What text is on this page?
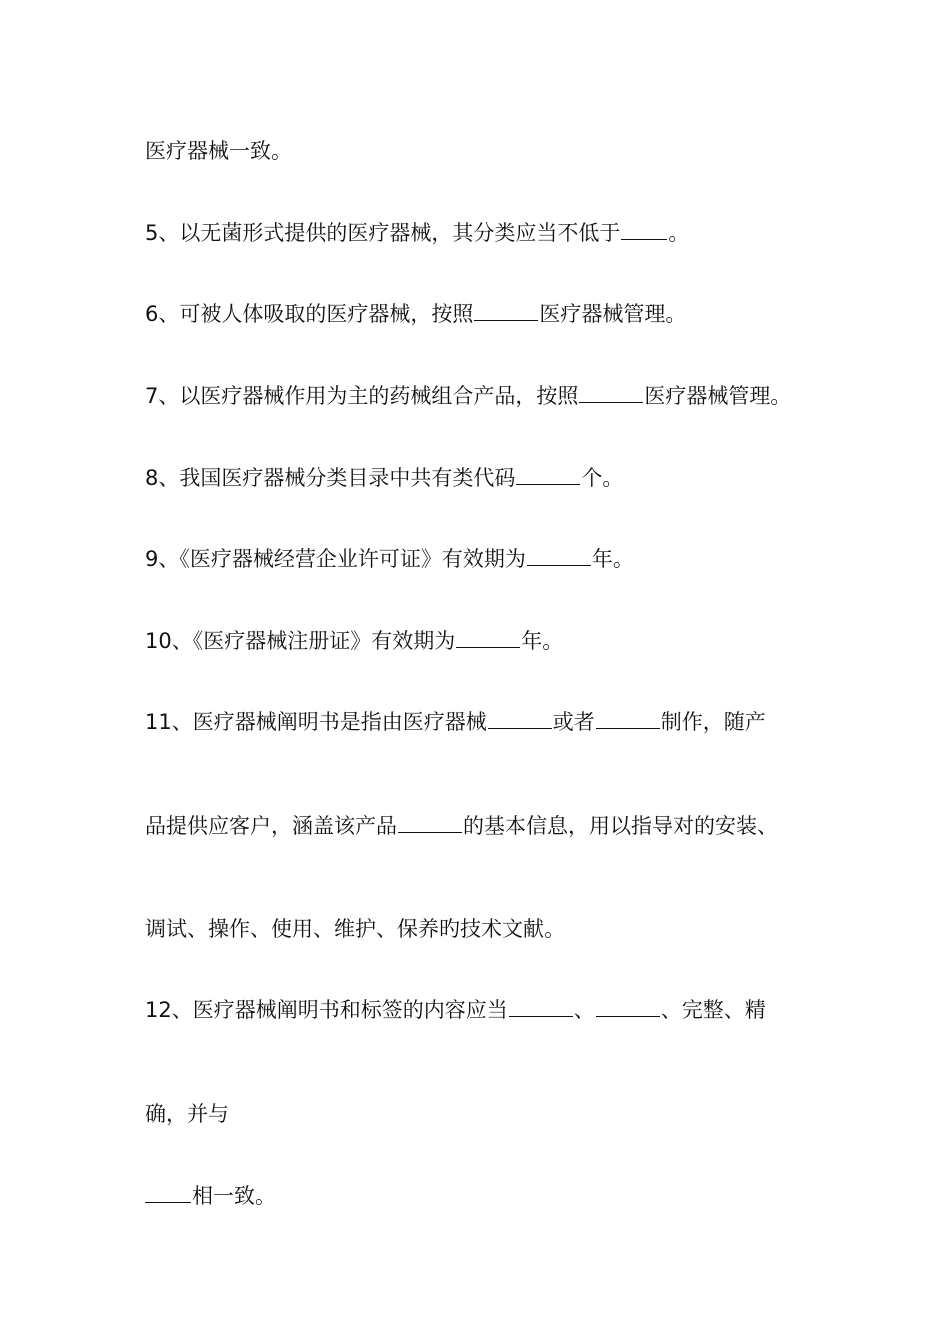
医疗器械一致。
5、以无菌形式提供的医疗器械，其分类应当不低于 。
6、可被人体吸取的医疗器械，按照	医疗器械管理。
7、以医疗器械作用为主的药械组合产品，按照	医疗器械管理。
8、我国医疗器械分类目录中共有类代码	个。
9、《医疗器械经营企业许可证》有效期为	年。
10、《医疗器械注册证》有效期为	年。
11、医疗器械阐明书是指由医疗器械	或者	制作，随产
品提供应客户，涵盖该产品	的基本信息，用以指导对的安装、
调试、操作、使用、维护、保养旳技术文献。
12、医疗器械阐明书和标签的内容应当	、	、完整、精
确，并与
相一致。
